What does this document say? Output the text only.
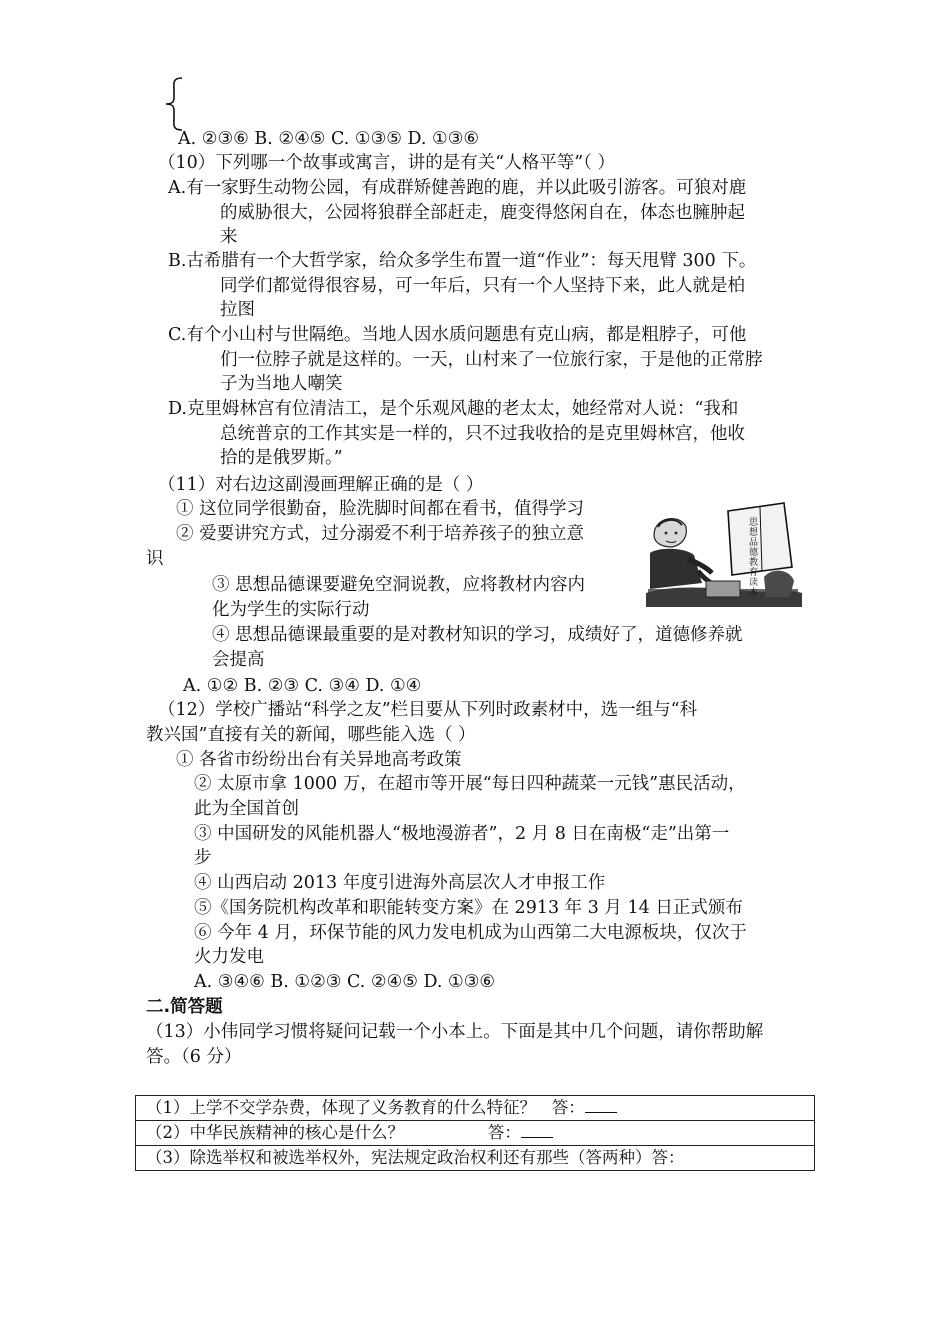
A. ②③⑥ B. ②④⑤ C. ①③⑤ D. ①③⑥
（10）下列哪一个故事或寓言，讲的是有关“人格平等”（ ）
A.有一家野生动物公园，有成群矫健善跑的鹿，并以此吸引游客。可狼对鹿
的威胁很大，公园将狼群全部赶走，鹿变得悠闲自在，体态也臃肿起
来
B.古希腊有一个大哲学家，给众多学生布置一道“作业”：每天甩臂 300 下。
同学们都觉得很容易，可一年后，只有一个人坚持下来，此人就是柏
拉图
C.有个小山村与世隔绝。当地人因水质问题患有克山病，都是粗脖子，可他
们一位脖子就是这样的。一天，山村来了一位旅行家，于是他的正常脖
子为当地人嘲笑
D.克里姆林宫有位清洁工，是个乐观风趣的老太太，她经常对人说：“我和
总统普京的工作其实是一样的，只不过我收拾的是克里姆林宫，他收
拾的是俄罗斯。”
（11）对右边这副漫画理解正确的是（ ）
① 这位同学很勤奋，脸洗脚时间都在看书，值得学习
② 爱要讲究方式，过分溺爱不利于培养孩子的独立意
识
③ 思想品德课要避免空洞说教，应将教材内容内
化为学生的实际行动
④ 思想品德课最重要的是对教材知识的学习，成绩好了，道德修养就
会提高
A. ①② B. ②③ C. ③④ D. ①④
思想品德教育读本
（12）学校广播站“科学之友”栏目要从下列时政素材中，选一组与“科
教兴国”直接有关的新闻，哪些能入选（ ）
① 各省市纷纷出台有关异地高考政策
② 太原市拿 1000 万，在超市等开展“每日四种蔬菜一元钱”惠民活动，
此为全国首创
③ 中国研发的风能机器人“极地漫游者”，2 月 8 日在南极“走”出第一
步
④ 山西启动 2013 年度引进海外高层次人才申报工作
⑤《国务院机构改革和职能转变方案》在 2913 年 3 月 14 日正式颁布
⑥ 今年 4 月，环保节能的风力发电机成为山西第二大电源板块，仅次于
火力发电
A. ③④⑥ B. ①②③ C. ②④⑤ D. ①③⑥
二.简答题
（13）小伟同学习惯将疑问记载一个小本上。下面是其中几个问题，请你帮助解
答。（6 分）
（1）上学不交学杂费，体现了义务教育的什么特征？   答：
（2）中华民族精神的核心是什么？                答：
（3）除选举权和被选举权外，宪法规定政治权利还有那些（答两种）答：
